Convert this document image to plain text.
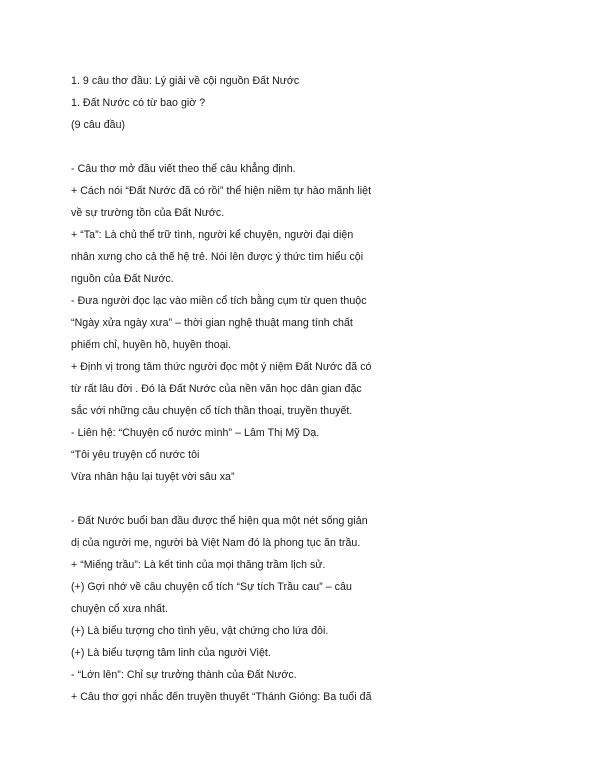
1. 9 câu thơ đầu: Lý giải về cội nguồn Đất Nước
1. Đất Nước có từ bao giờ ?
(9 câu đầu)
- Câu thơ mở đầu viết theo thể câu khẳng định.
+ Cách nói “Đất Nước đã có rồi” thể hiện niềm tự hào mãnh liệt
về sự trường tồn của Đất Nước.
+ “Ta”: Là chủ thể trữ tình, người kể chuyện, người đại diện
nhân xưng cho cả thế hệ trẻ. Nói lên được ý thức tìm hiểu cội
nguồn của Đất Nước.
- Đưa người đọc lạc vào miền cổ tích bằng cụm từ quen thuộc
“Ngày xửa ngày xưa” – thời gian nghệ thuật mang tính chất
phiếm chỉ, huyền hồ, huyền thoại.
+ Định vị trong tâm thức người đọc một ý niệm Đất Nước đã có
từ rất lâu đời . Đó là Đất Nước của nền văn học dân gian đặc
sắc với những câu chuyện cổ tích thần thoại, truyền thuyết.
- Liên hệ: “Chuyện cổ nước mình” – Lâm Thị Mỹ Dạ.
“Tôi yêu truyện cổ nước tôi
Vừa nhân hậu lại tuyệt vời sâu xa”
- Đất Nước buổi ban đầu được thể hiện qua một nét sống giản
dị của người mẹ, người bà Việt Nam đó là phong tục ăn trầu.
+ “Miếng trầu”: Là kết tinh của mọi thăng trầm lịch sử.
(+) Gợi nhớ về câu chuyện cổ tích “Sự tích Trầu cau” – câu
chuyện cổ xưa nhất.
(+) Là biểu tượng cho tình yêu, vật chứng cho lứa đôi.
(+) Là biểu tượng tâm linh của người Việt.
- “Lớn lên”: Chỉ sự trưởng thành của Đất Nước.
+ Câu thơ gợi nhắc đến truyền thuyết “Thánh Gióng: Ba tuổi đã
